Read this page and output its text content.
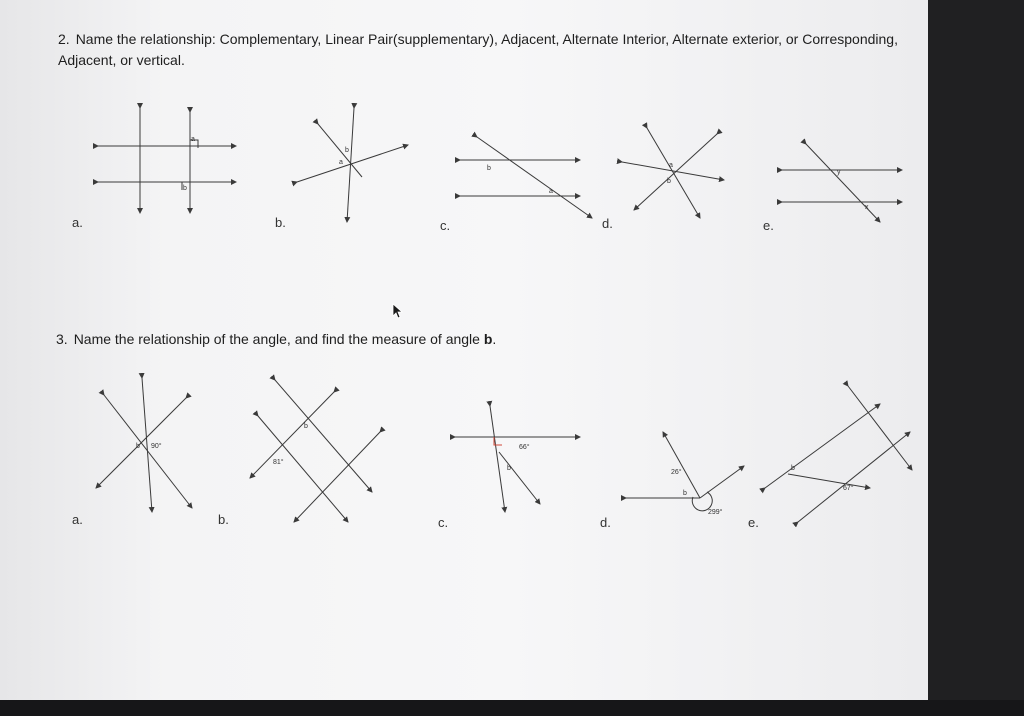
2. Name the relationship: Complementary, Linear Pair(supplementary), Adjacent, Alternate Interior, Alternate exterior, or Corresponding, Adjacent, or vertical.
a.	b.	c.	d.	e.
3. Name the relationship of the angle, and find the measure of angle b.
a.	b.	c.	d.	e.
a
b
b
a
b
a
a
b
y
x
b 90°
b
81°
66°
b
26°
b
299°
b
67°
